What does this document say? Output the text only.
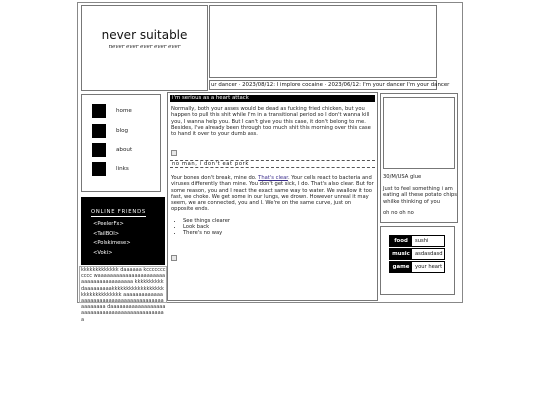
never suitable
never ever ever ever ever
ur dancer · 2023/08/12: I implore cocaine · 2023/06/12: I'm your dancer I'm your dancer
home
blog
about
links
ONLINE FRIENDS
<PeelerFx>
<TailBOI>
<Polskimese>
<Voki>
kkkkkkkkkkkkk daaaaaa kccccccccccc waaaaaaaaaaaaaaaaaaaaaaaaaaaaaaaaaaaaaaa kkkkkkkkkk daaaaaaaaakkkkkkkkkkkkkkkkkkkkkkkkkkkkkkkk aaaaaaaaaaaaaaaaaaaaaaaaaaaaaaaaaaaaaaaaaaaaaaaa daaaaaaaaaaaaaaaaaaaaaaaaaaaaaaaaaaaaaaaaaaaaaa
i'm serious as a heart attack
Normally, both your asses would be dead as fucking fried chicken, but you happen to pull this shit while I'm in a transitional period so I don't wanna kill you, I wanna help you. But I can't give you this case, it don't belong to me. Besides, I've already been through too much shit this morning over this case to hand it over to your dumb ass.
no man, i don't eat pork
Your bones don't break, mine do. That's clear. Your cells react to bacteria and viruses differently than mine. You don't get sick, I do. That's also clear. But for some reason, you and I react the exact same way to water. We swallow it too fast, we choke. We get some in our lungs, we drown. However unreal it may seem, we are connected, you and I. We're on the same curve, just on opposite ends.
• See things clearer
• Look back
• There's no way
30/M/USA glue
Just to feel something i am eating all these potato chips whilke thinking of you
oh no oh no
food	sushi
music asdasdasd
game	your heart
